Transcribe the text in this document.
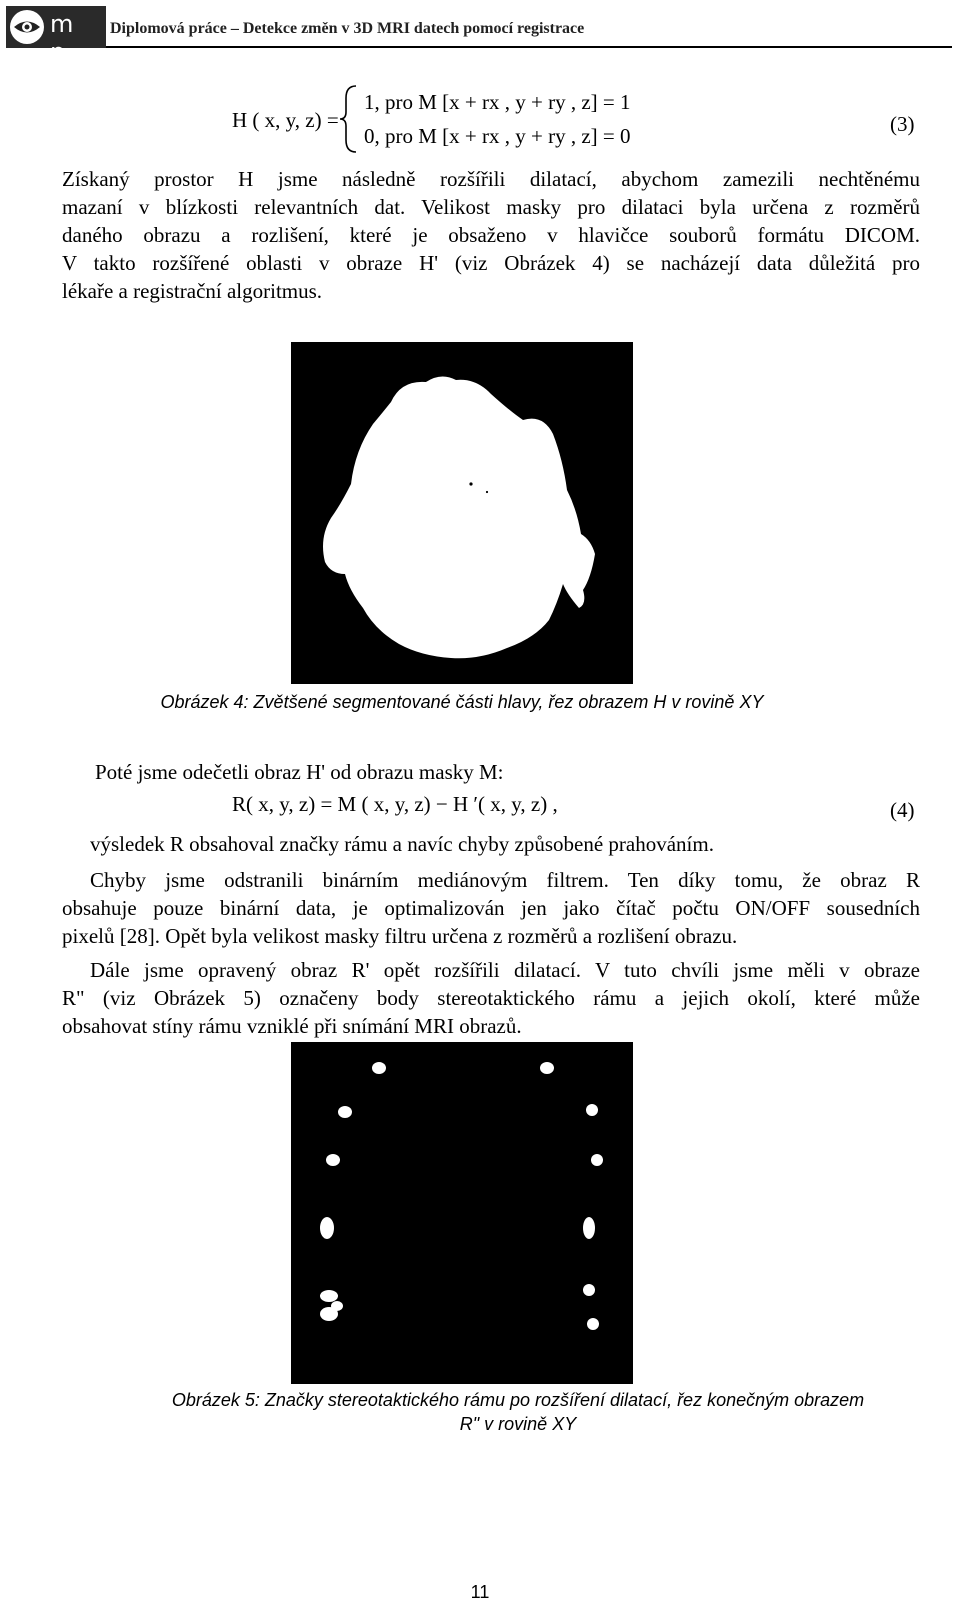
m p
Diplomová práce – Detekce změn v 3D MRI datech pomocí registrace
H ( x, y, z) =
1, pro M [x + rx , y + ry , z] = 1
0, pro M [x + rx , y + ry , z] = 0	(3)
Získaný prostor H jsme následně rozšířili dilatací, abychom zamezili nechtěnému
mazaní v blízkosti relevantních dat. Velikost masky pro dilataci byla určena z rozměrů
daného obrazu a rozlišení, které je obsaženo v hlavičce souborů formátu DICOM.
V takto rozšířené oblasti v obraze H' (viz Obrázek 4) se nacházejí data důležitá pro
lékaře a registrační algoritmus.
Obrázek 4: Zvětšené segmentované části hlavy, řez obrazem H v rovině XY
Poté jsme odečetli obraz H' od obrazu masky M:
R( x, y, z) = M ( x, y, z) − H ′( x, y, z) ,	(4)
výsledek R obsahoval značky rámu a navíc chyby způsobené prahováním.
Chyby jsme odstranili binárním mediánovým filtrem. Ten díky tomu, že obraz R
obsahuje pouze binární data, je optimalizován jen jako čítač počtu ON/OFF sousedních
pixelů [28]. Opět byla velikost masky filtru určena z rozměrů a rozlišení obrazu.
Dále jsme opravený obraz R' opět rozšířili dilatací. V tuto chvíli jsme měli v obraze
R" (viz Obrázek 5) označeny body stereotaktického rámu a jejich okolí, které může
obsahovat stíny rámu vzniklé při snímání MRI obrazů.
Obrázek 5: Značky stereotaktického rámu po rozšíření dilatací, řez konečným obrazem
R" v rovině XY
11
